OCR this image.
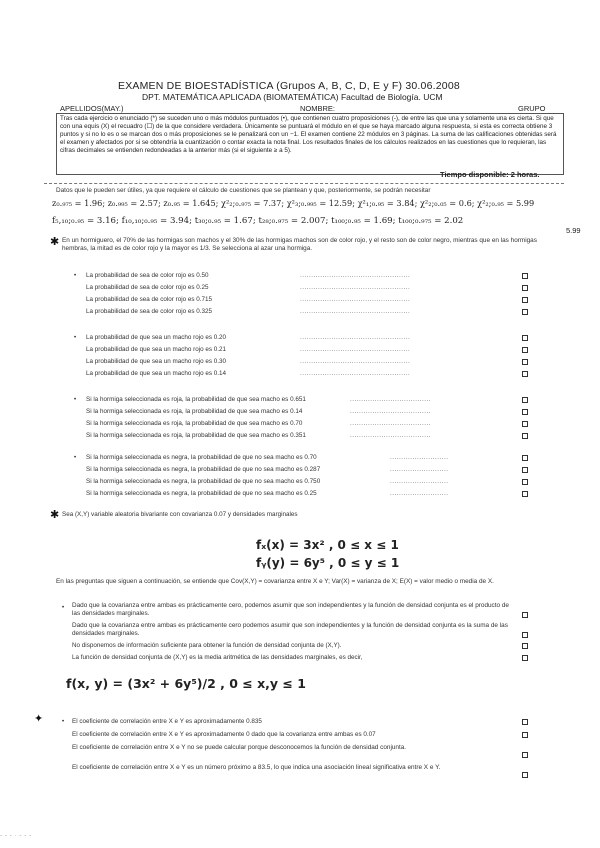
EXAMEN DE BIOESTADÍSTICA (Grupos A, B, C, D, E y F) 30.06.2008
DPT. MATEMÁTICA APLICADA (BIOMATEMÁTICA) Facultad de Biología. UCM
APELLIDOS(MAY.)	NOMBRE:	GRUPO
Tras cada ejercicio o enunciado (*) se suceden uno o más módulos puntuados (•), que contienen cuatro proposiciones (-), de entre las que una y solamente una es cierta. Si que con una equis (X) el recuadro (☐) de la que considere verdadera. Únicamente se puntuará el módulo en el que se haya marcado alguna respuesta, si esta es correcta obtiene 3 puntos y si no lo es o se marcan dos o más proposiciones se le penalizará con un −1. El examen contiene 22 módulos en 3 páginas. La suma de las calificaciones obtenidas será el examen y afectados por si se obtendría la cuantización o contar exacta la nota final. Los resultados finales de los cálculos realizados en las cuestiones que lo requieran, las cifras decimales se entienden redondeadas a la anterior más (si el siguiente ≥ a 5).
Tiempo disponible: 2 horas.
Datos que le pueden ser útiles, ya que requiere el cálculo de cuestiones que se plantean y que, posteriormente, se podrán necesitar
z₀.₉₇₅ = 1.96; z₀.₉₉₅ = 2.57; z₀.₉₅ = 1.645; χ²₂;₀.₉₇₅ = 7.37; χ²₃;₀.₉₉₅ = 12.59; χ²₁;₀.₉₅ = 3.84; χ²₂;₀.₀₅ = 0.6; χ²₂;₀.₉₅ = 5.99
f₅,₁₀;₀.₉₅ = 3.16; f₁₀,₁₀;₀.₉₅ = 3.94; t₃₀;₀.₉₅ = 1.67; t₂₈;₀.₉₇₅ = 2.007; t₁₀₀;₀.₉₅ = 1.69; t₁₀₀;₀.₉₇₅ = 2.02
5.99
✱ En un hormiguero, el 70% de las hormigas son machos y el 30% de las hormigas machos son de color rojo, y el resto son de color negro, mientras que en las hormigas hembras, la mitad es de color rojo y la mayor es 1/3. Se selecciona al azar una hormiga.
• La probabilidad de sea de color rojo es 0.50
La probabilidad de sea de color rojo es 0.25
La probabilidad de sea de color rojo es 0.715
La probabilidad de sea de color rojo es 0.325
.................................................
.................................................
.................................................
.................................................
• La probabilidad de que sea un macho rojo es 0.20
La probabilidad de que sea un macho rojo es 0.21
La probabilidad de que sea un macho rojo es 0.30
La probabilidad de que sea un macho rojo es 0.14
.................................................
.................................................
.................................................
.................................................
• Si la hormiga seleccionada es roja, la probabilidad de que sea macho es 0.651
Si la hormiga seleccionada es roja, la probabilidad de que sea macho es 0.14
Si la hormiga seleccionada es roja, la probabilidad de que sea macho es 0.70
Si la hormiga seleccionada es roja, la probabilidad de que sea macho es 0.351
....................................
....................................
....................................
....................................
• Si la hormiga seleccionada es negra, la probabilidad de que no sea macho es 0.70
Si la hormiga seleccionada es negra, la probabilidad de que no sea macho es 0.287
Si la hormiga seleccionada es negra, la probabilidad de que no sea macho es 0.750
Si la hormiga seleccionada es negra, la probabilidad de que no sea macho es 0.25
..........................
..........................
..........................
..........................
✱ Sea (X,Y) variable aleatoria bivariante con covarianza 0.07 y densidades marginales
fₓ(x) = 3x² , 0 ≤ x ≤ 1
fᵧ(y) = 6y⁵ , 0 ≤ y ≤ 1
En las preguntas que siguen a continuación, se entiende que Cov(X,Y) = covarianza entre X e Y; Var(X) = varianza de X; E(X) = valor medio o media de X.
• Dado que la covarianza entre ambas es prácticamente cero, podemos asumir que son independientes y la función de densidad conjunta es el producto de las densidades marginales.
Dado que la covarianza entre ambas es prácticamente cero podemos asumir que son independientes y la función de densidad conjunta es la suma de las densidades marginales.
No disponemos de información suficiente para obtener la función de densidad conjunta de (X,Y).
La función de densidad conjunta de (X,Y) es la media aritmética de las densidades marginales, es decir,
f(x, y) = (3x² + 6y⁵)/2 , 0 ≤ x,y ≤ 1
✦	• El coeficiente de correlación entre X e Y es aproximadamente 0.835
El coeficiente de correlación entre X e Y es aproximadamente 0 dado que la covarianza entre ambas es 0.07
El coeficiente de correlación entre X e Y no se puede calcular porque desconocemos la función de densidad conjunta.
El coeficiente de correlación entre X e Y es un número próximo a 83.5, lo que indica una asociación lineal significativa entre X e Y.
- - - · - - -
